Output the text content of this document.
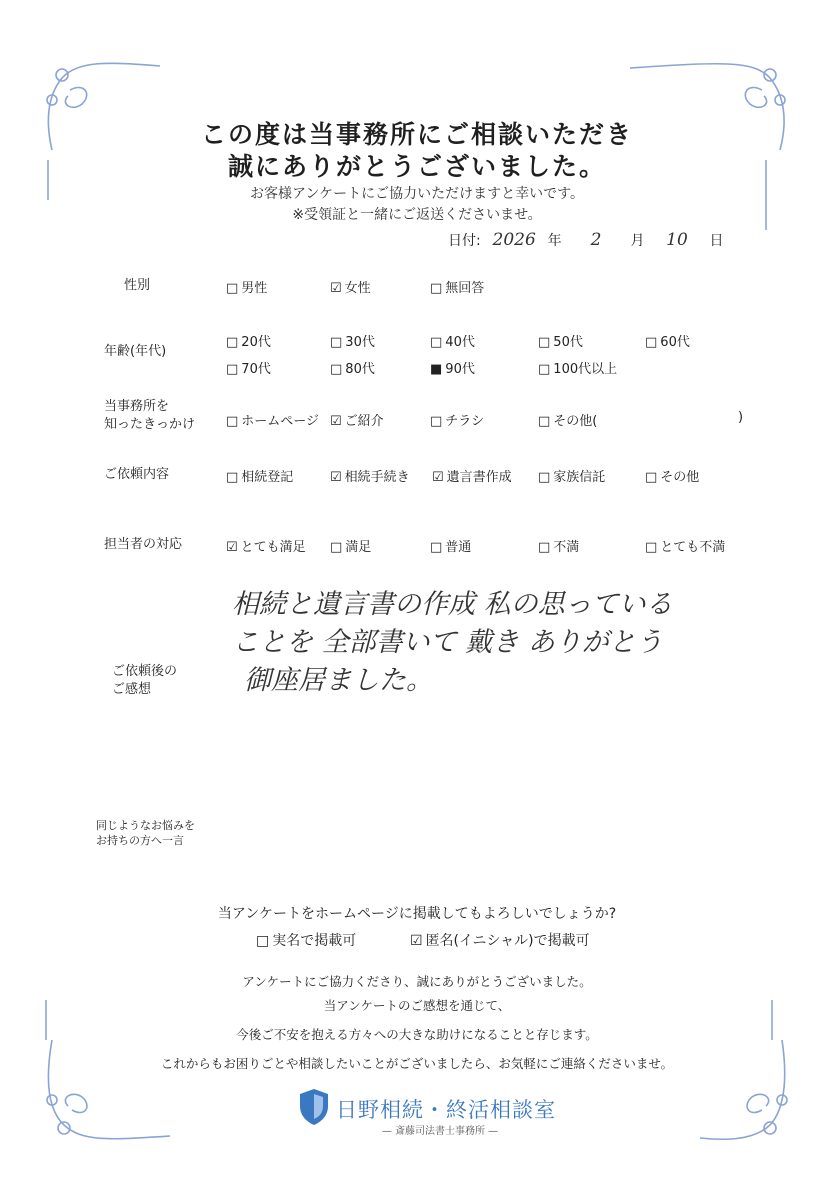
この度は当事務所にご相談いただき
誠にありがとうございました。
お客様アンケートにご協力いただけますと幸いです。
※受領証と一緒にご返送くださいませ。
日付: 2026 年 2 月 10 日
性別	□ 男性	☑ 女性	□ 無回答
年齢(年代)
□ 20代	□ 30代	□ 40代	□ 50代	□ 60代
□ 70代	□ 80代	■ 90代	□ 100代以上
当事務所を
知ったきっかけ □ ホームページ ☑ ご紹介	□ チラシ	□ その他(	)
ご依頼内容	□ 相続登記	☑ 相続手続き ☑ 遺言書作成 □ 家族信託	□ その他
担当者の対応	☑ とても満足 □ 満足	□ 普通	□ 不満	□ とても不満
ご依頼後の
ご感想
相続と遺言書の作成 私の思っている
ことを 全部書いて 戴き ありがとう
御座居ました。
同じようなお悩みを
お持ちの方へ一言
当アンケートをホームページに掲載してもよろしいでしょうか?
□ 実名で掲載可	☑ 匿名(イニシャル)で掲載可
アンケートにご協力くださり、誠にありがとうございました。
当アンケートのご感想を通じて、
今後ご不安を抱える方々への大きな助けになることと存じます。
これからもお困りごとや相談したいことがございましたら、お気軽にご連絡くださいませ。
日野相続・終活相談室
— 斎藤司法書士事務所 —
